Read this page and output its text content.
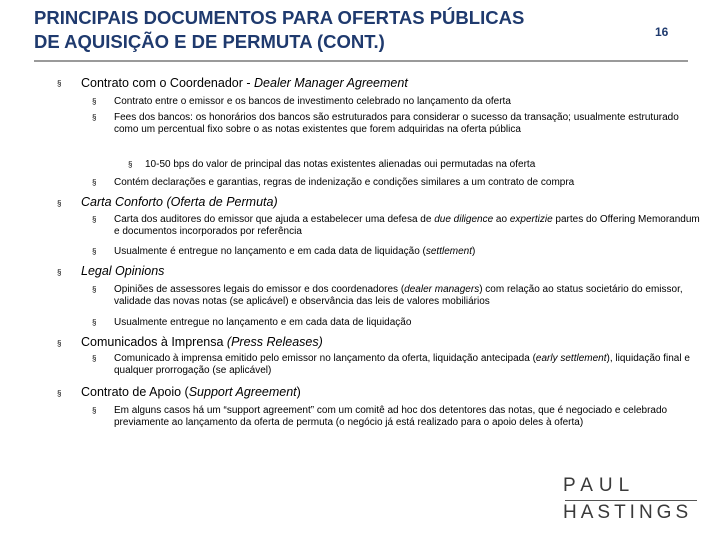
PRINCIPAIS DOCUMENTOS PARA OFERTAS PÚBLICAS
DE AQUISIÇÃO E DE PERMUTA (CONT.)	16
§ Contrato com o Coordenador - Dealer Manager Agreement
§ Contrato entre o emissor e os bancos de investimento celebrado no lançamento da oferta
§ Fees dos bancos: os honorários dos bancos são estruturados para considerar o sucesso da transação; usualmente estruturado como um percentual fixo sobre o as notas existentes que forem adquiridas na oferta pública
§ 10-50 bps do valor de principal das notas existentes alienadas oui permutadas na oferta
§ Contém declarações e garantias, regras de indenização e condições similares a um contrato de compra
§ Carta Conforto (Oferta de Permuta)
§ Carta dos auditores do emissor que ajuda a estabelecer uma defesa de due diligence ao expertizie partes do Offering Memorandum e documentos incorporados por referência
§ Usualmente é entregue no lançamento e em cada data de liquidação (settlement)
§ Legal Opinions
§ Opiniões de assessores legais do emissor e dos coordenadores (dealer managers) com relação ao status societário do emissor, validade das novas notas (se aplicável) e observância das leis de valores mobiliários
§ Usualmente entregue no lançamento e em cada data de liquidação
§ Comunicados à Imprensa (Press Releases)
§ Comunicado à imprensa emitido pelo emissor no lançamento da oferta, liquidação antecipada (early settlement), liquidação final e qualquer prorrogação (se aplicável)
§ Contrato de Apoio (Support Agreement)
§ Em alguns casos há um “support agreement” com um comitê ad hoc dos detentores das notas, que é negociado e celebrado previamente ao lançamento da oferta de permuta (o negócio já está realizado para o apoio deles à oferta)
PAUL
HASTINGS
